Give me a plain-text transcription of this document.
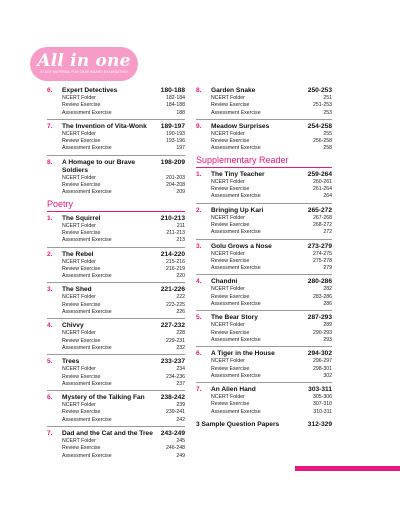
All in one
STUDY MATERIAL FOR CBSE BOARD EXAMINATION
6.	Expert Detectives	180-188
NCERT Folder	182-184
Review Exercise	184-188
Assessment Exercise	188
7.	The Invention of Vita-Wonk	189-197
NCERT Folder	190-193
Review Exercise	193-196
Assessment Exercise	197
8.	A Homage to our Brave Soldiers
198-209
NCERT Folder	201-203
Review Exercise	204-208
Assessment Exercise	209
Poetry
1.	The Squirrel	210-213
NCERT Folder	211
Review Exercise	211-213
Assessment Exercise	213
2.	The Rebel	214-220
NCERT Folder	215-216
Review Exercise	216-219
Assessment Exercise	220
3.	The Shed	221-226
NCERT Folder	222
Review Exercise	223-225
Assessment Exercise	226
4.	Chivvy	227-232
NCERT Folder	228
Review Exercise	229-231
Assessment Exercise	232
5.	Trees	233-237
NCERT Folder	234
Review Exercise	234-236
Assessment Exercise	237
6.	Mystery of the Talking Fan	238-242
NCERT Folder	239
Review Exercise	239-241
Assessment Exercise	242
7.	Dad and the Cat and the Tree	243-249
NCERT Folder	245
Review Exercise	246-248
Assessment Exercise	249
8.	Garden Snake	250-253
NCERT Folder	251
Review Exercise	251-253
Assessment Exercise	253
9.	Meadow Surprises	254-258
NCERT Folder	255
Review Exercise	256-258
Assessment Exercise	258
Supplementary Reader
1.	The Tiny Teacher	259-264
NCERT Folder	260-261
Review Exercise	261-264
Assessment Exercise	264
2.	Bringing Up Kari	265-272
NCERT Folder	267-268
Review Exercise	268-272
Assessment Exercise	272
3.	Golu Grows a Nose	273-279
NCERT Folder	274-275
Review Exercise	275-278
Assessment Exercise	279
4.	Chandni	280-286
NCERT Folder	282
Review Exercise	283-286
Assessment Exercise	286
5.	The Bear Story	287-293
NCERT Folder	289
Review Exercise	290-293
Assessment Exercise	293
6.	A Tiger in the House	294-302
NCERT Folder	296-297
Review Exercise	298-301
Assessment Exercise	302
7.	An Alien Hand	303-311
NCERT Folder	305-306
Review Exercise	307-310
Assessment Exercise	310-311
3 Sample Question Papers	312-329
